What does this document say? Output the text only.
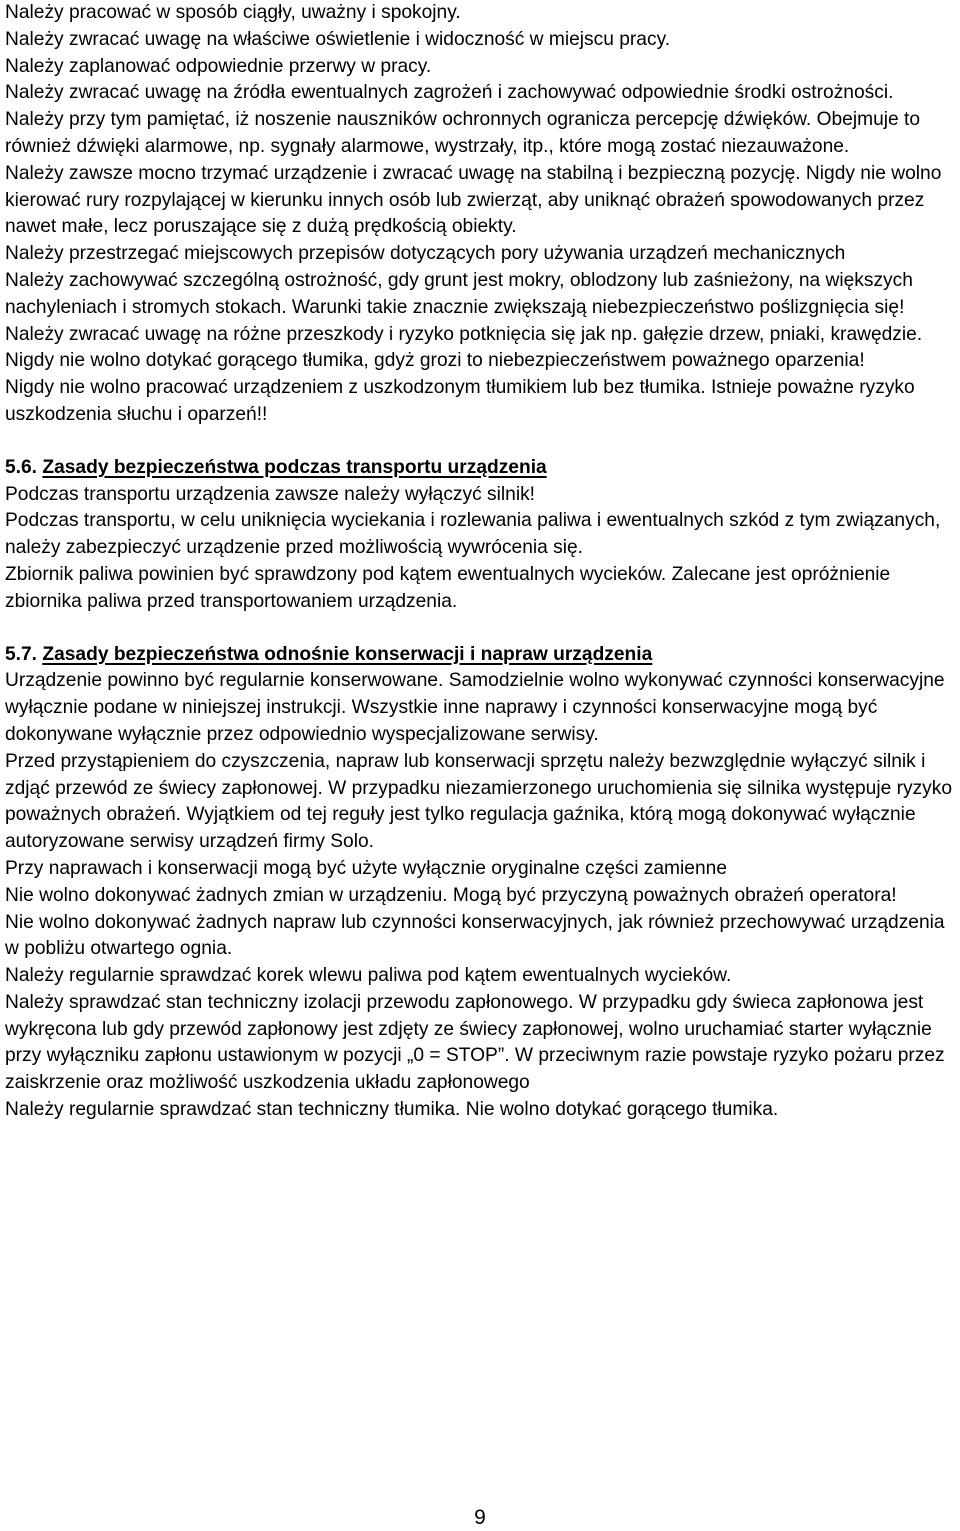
Należy pracować w sposób ciągły, uważny i spokojny.

Należy zwracać uwagę na właściwe oświetlenie i widoczność w miejscu pracy.

Należy zaplanować odpowiednie przerwy w pracy.

Należy zwracać uwagę na źródła ewentualnych zagrożeń i zachowywać odpowiednie środki ostrożności. Należy przy tym pamiętać, iż noszenie nauszników ochronnych ogranicza percepcję dźwięków. Obejmuje to również dźwięki alarmowe, np. sygnały alarmowe, wystrzały, itp., które mogą zostać niezauważone.

Należy zawsze mocno trzymać urządzenie i zwracać uwagę na stabilną i bezpieczną pozycję. Nigdy nie wolno kierować rury rozpylającej w kierunku innych osób lub zwierząt, aby uniknąć obrażeń spowodowanych przez nawet małe, lecz poruszające się z dużą prędkością obiekty.

Należy przestrzegać miejscowych przepisów dotyczących pory używania urządzeń mechanicznych

Należy zachowywać szczególną ostrożność, gdy grunt jest mokry, oblodzony lub zaśnieżony, na większych nachyleniach i stromych stokach. Warunki takie znacznie zwiększają niebezpieczeństwo poślizgnięcia się!

Należy zwracać uwagę na różne przeszkody i ryzyko potknięcia się jak np. gałęzie drzew, pniaki, krawędzie.

Nigdy nie wolno dotykać gorącego tłumika, gdyż grozi to niebezpieczeństwem poważnego oparzenia!

Nigdy nie wolno pracować urządzeniem z uszkodzonym tłumikiem lub bez tłumika. Istnieje poważne ryzyko uszkodzenia słuchu i oparzeń!!

5.6. Zasady bezpieczeństwa podczas transportu urządzenia

Podczas transportu urządzenia zawsze należy wyłączyć silnik!

Podczas transportu, w celu uniknięcia wyciekania i rozlewania paliwa i ewentualnych szkód z tym związanych, należy zabezpieczyć urządzenie przed możliwością wywrócenia się.

Zbiornik paliwa powinien być sprawdzony pod kątem ewentualnych wycieków. Zalecane jest opróżnienie zbiornika paliwa przed transportowaniem urządzenia.

5.7. Zasady bezpieczeństwa odnośnie konserwacji i napraw urządzenia

Urządzenie powinno być regularnie konserwowane. Samodzielnie wolno wykonywać czynności konserwacyjne wyłącznie podane w niniejszej instrukcji. Wszystkie inne naprawy i czynności konserwacyjne mogą być dokonywane wyłącznie przez odpowiednio wyspecjalizowane serwisy.

Przed przystąpieniem do czyszczenia, napraw lub konserwacji sprzętu należy bezwzględnie wyłączyć silnik i zdjąć przewód ze świecy zapłonowej. W przypadku niezamierzonego uruchomienia się silnika występuje ryzyko poważnych obrażeń. Wyjątkiem od tej reguły jest tylko regulacja gaźnika, którą mogą dokonywać wyłącznie autoryzowane serwisy urządzeń firmy Solo.

Przy naprawach i konserwacji mogą być użyte wyłącznie oryginalne części zamienne

Nie wolno dokonywać żadnych zmian w urządzeniu. Mogą być przyczyną poważnych obrażeń operatora!

Nie wolno dokonywać żadnych napraw lub czynności konserwacyjnych, jak również przechowywać urządzenia w pobliżu otwartego ognia.

Należy regularnie sprawdzać korek wlewu paliwa pod kątem ewentualnych wycieków.

Należy sprawdzać stan techniczny izolacji przewodu zapłonowego. W przypadku gdy świeca zapłonowa jest wykręcona lub gdy przewód zapłonowy jest zdjęty ze świecy zapłonowej, wolno uruchamiać starter wyłącznie przy wyłączniku zapłonu ustawionym w pozycji „0 = STOP”. W przeciwnym razie powstaje ryzyko pożaru przez zaiskrzenie oraz możliwość uszkodzenia układu zapłonowego

Należy regularnie sprawdzać stan techniczny tłumika. Nie wolno dotykać gorącego tłumika.

9
